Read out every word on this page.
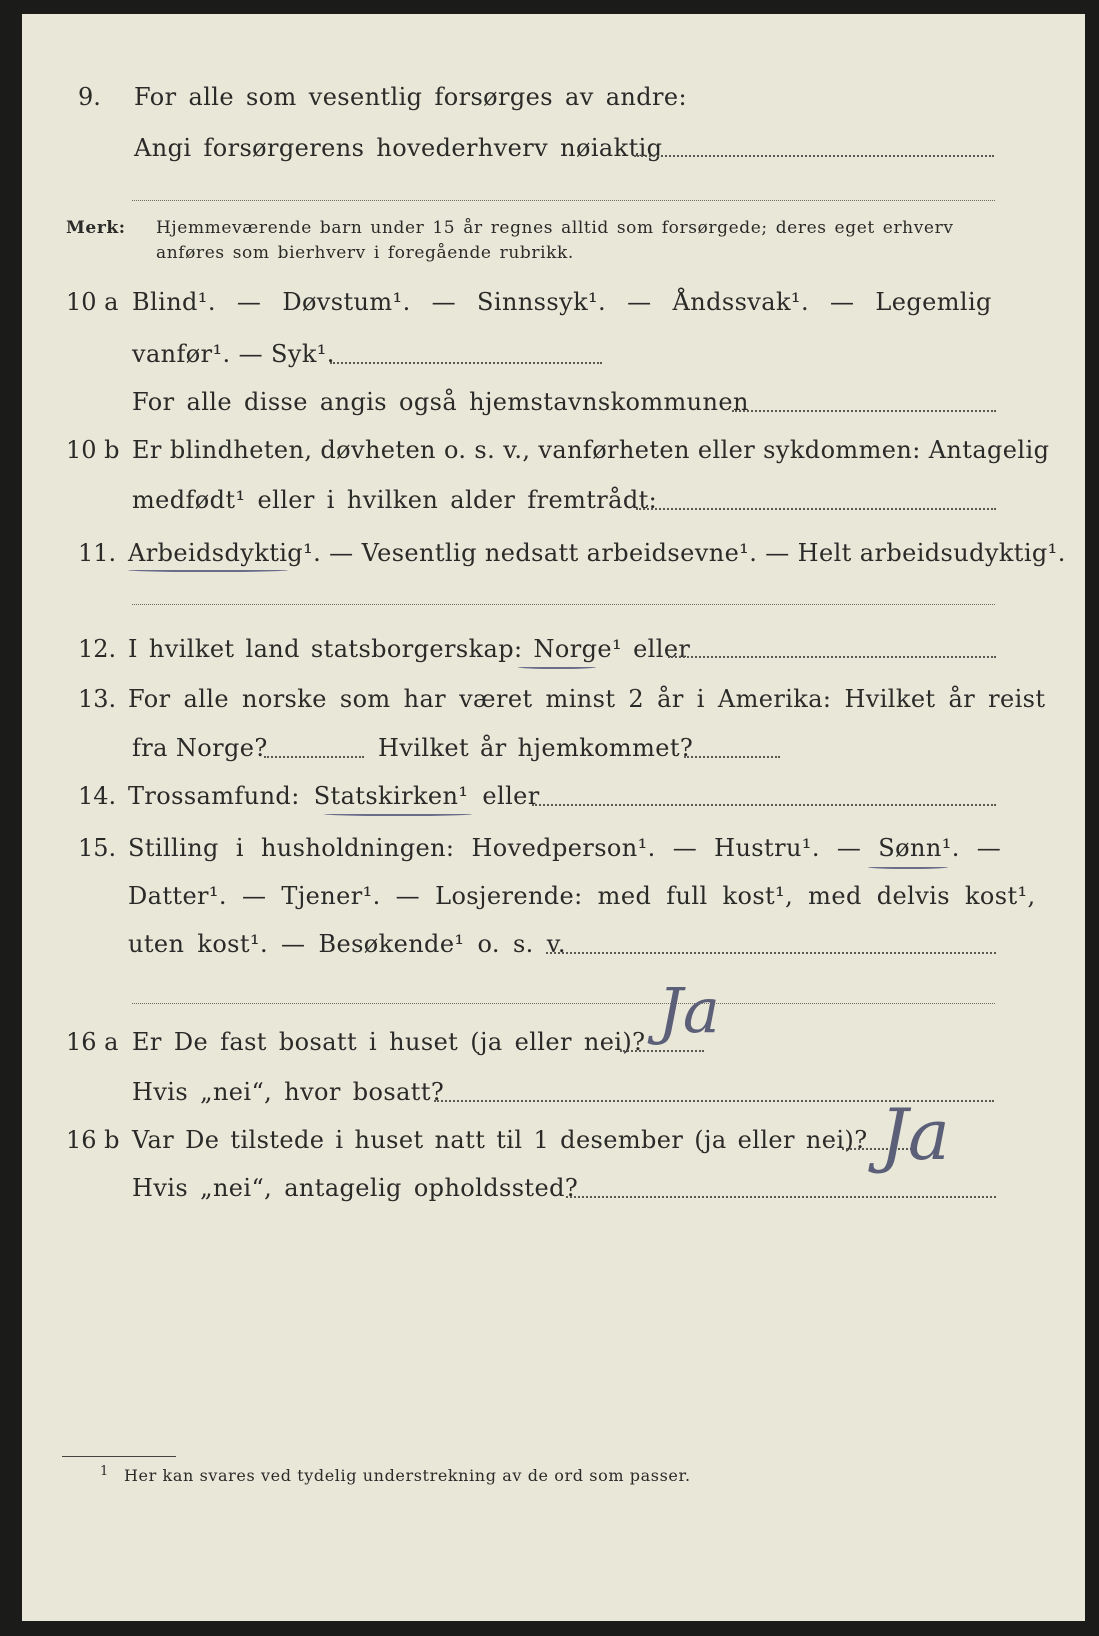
9. For alle som vesentlig forsørges av andre:
Angi forsørgerens hovederhverv nøiaktig
Merk: Hjemmeværende barn under 15 år regnes alltid som forsørgede; deres eget erhverv
anføres som bierhverv i foregående rubrikk.
10 a Blind¹. — Døvstum¹. — Sinnssyk¹. — Åndssvak¹. — Legemlig
vanfør¹. — Syk¹.
For alle disse angis også hjemstavnskommunen
10 b Er blindheten, døvheten o. s. v., vanførheten eller sykdommen: Antagelig
medfødt¹ eller i hvilken alder fremtrådt:
11. Arbeidsdyktig¹. — Vesentlig nedsatt arbeidsevne¹. — Helt arbeidsudyktig¹.
12. I hvilket land statsborgerskap: Norge¹ eller
13. For alle norske som har været minst 2 år i Amerika: Hvilket år reist
fra Norge?	Hvilket år hjemkommet?
14. Trossamfund: Statskirken¹ eller
15. Stilling i husholdningen: Hovedperson¹. — Hustru¹. — Sønn¹. —
Datter¹. — Tjener¹. — Losjerende: med full kost¹, med delvis kost¹,
uten kost¹. — Besøkende¹ o. s. v.
16 a Er De fast bosatt i huset (ja eller nei)? Ja
Hvis „nei“, hvor bosatt?
16 b Var De tilstede i huset natt til 1 desember (ja eller nei)? Ja
Hvis „nei“, antagelig opholdssted?
1 Her kan svares ved tydelig understrekning av de ord som passer.
